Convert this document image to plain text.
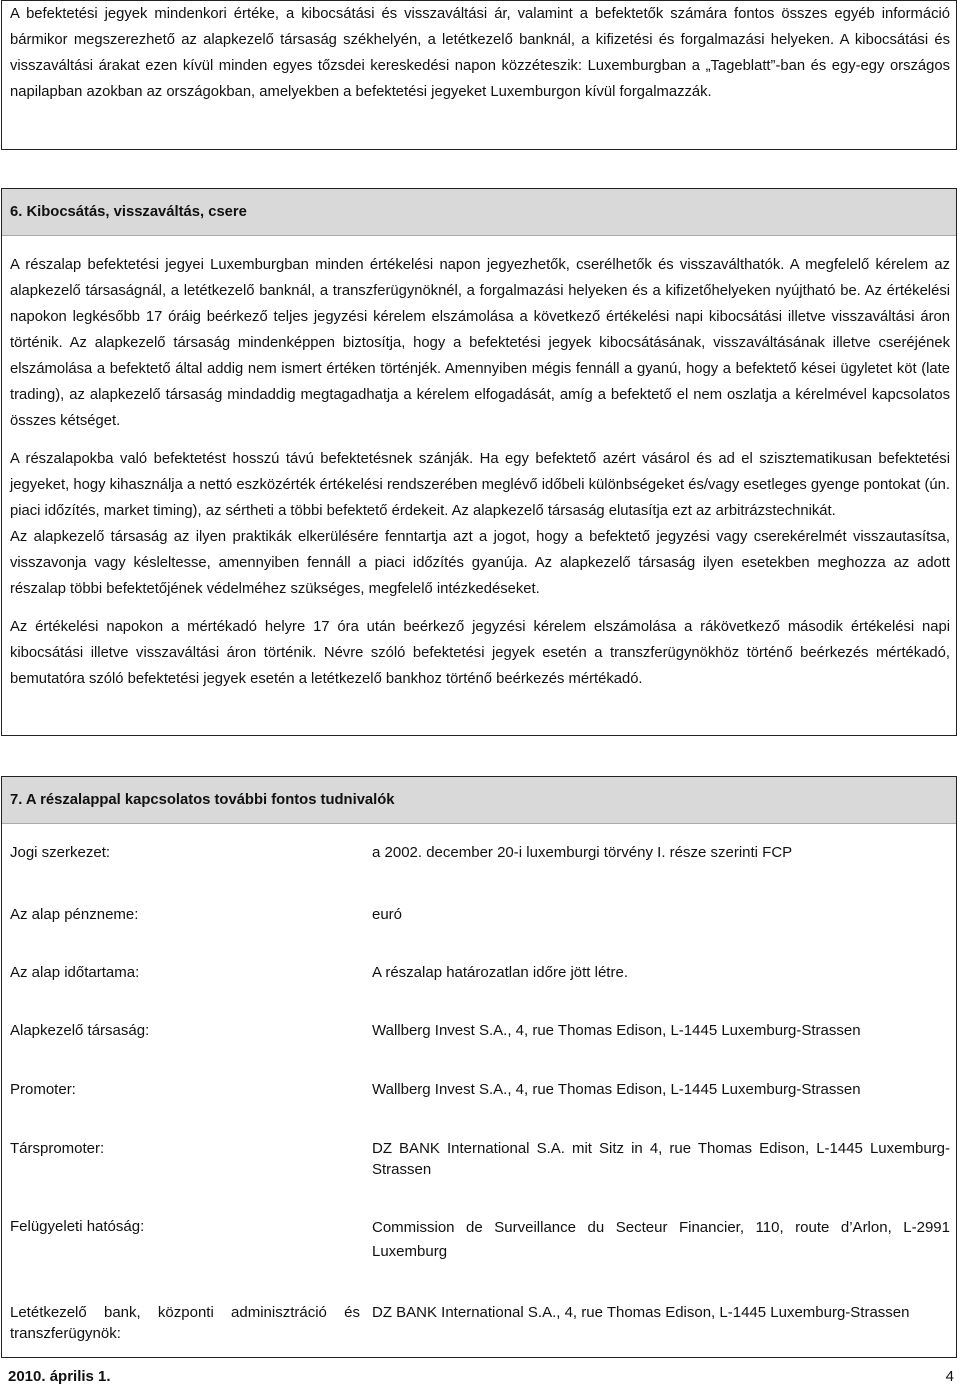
A befektetési jegyek mindenkori értéke, a kibocsátási és visszaváltási ár, valamint a befektetők számára fontos összes egyéb információ bármikor megszerezhető az alapkezelő társaság székhelyén, a letétkezelő banknál, a kifizetési és forgalmazási helyeken. A kibocsátási és visszaváltási árakat ezen kívül minden egyes tőzsdei kereskedési napon közzéteszik: Luxemburgban a „Tageblatt”-ban és egy-egy országos napilapban azokban az országokban, amelyekben a befektetési jegyeket Luxemburgon kívül forgalmazzák.

6. Kibocsátás, visszaváltás, csere

A részalap befektetési jegyei Luxemburgban minden értékelési napon jegyezhetők, cserélhetők és visszaválthatók. A megfelelő kérelem az alapkezelő társaságnál, a letétkezelő banknál, a transzferügynöknél, a forgalmazási helyeken és a kifizetőhelyeken nyújtható be. Az értékelési napokon legkésőbb 17 óráig beérkező teljes jegyzési kérelem elszámolása a következő értékelési napi kibocsátási illetve visszaváltási áron történik. Az alapkezelő társaság mindenképpen biztosítja, hogy a befektetési jegyek kibocsátásának, visszaváltásának illetve cseréjének elszámolása a befektető által addig nem ismert értéken történjék. Amennyiben mégis fennáll a gyanú, hogy a befektető kései ügyletet köt (late trading), az alapkezelő társaság mindaddig megtagadhatja a kérelem elfogadását, amíg a befektető el nem oszlatja a kérelmével kapcsolatos összes kétséget.

A részalapokba való befektetést hosszú távú befektetésnek szánják. Ha egy befektető azért vásárol és ad el szisztematikusan befektetési jegyeket, hogy kihasználja a nettó eszközérték értékelési rendszerében meglévő időbeli különbségeket és/vagy esetleges gyenge pontokat (ún. piaci időzítés, market timing), az sértheti a többi befektető érdekeit. Az alapkezelő társaság elutasítja ezt az arbitrázstechnikát.

Az alapkezelő társaság az ilyen praktikák elkerülésére fenntartja azt a jogot, hogy a befektető jegyzési vagy cserekérelmét visszautasítsa, visszavonja vagy késleltesse, amennyiben fennáll a piaci időzítés gyanúja. Az alapkezelő társaság ilyen esetekben meghozza az adott részalap többi befektetőjének védelméhez szükséges, megfelelő intézkedéseket.

Az értékelési napokon a mértékadó helyre 17 óra után beérkező jegyzési kérelem elszámolása a rákövetkező második értékelési napi kibocsátási illetve visszaváltási áron történik. Névre szóló befektetési jegyek esetén a transzferügynökhöz történő beérkezés mértékadó, bemutatóra szóló befektetési jegyek esetén a letétkezelő bankhoz történő beérkezés mértékadó.

7. A részalappal kapcsolatos további fontos tudnivalók
Jogi szerkezet:	a 2002. december 20-i luxemburgi törvény I. része szerinti FCP
Az alap pénzneme:	euró
Az alap időtartama:	A részalap határozatlan időre jött létre.
Alapkezelő társaság:	Wallberg Invest S.A., 4, rue Thomas Edison, L-1445 Luxemburg-Strassen
Promoter:	Wallberg Invest S.A., 4, rue Thomas Edison, L-1445 Luxemburg-Strassen
Társpromoter:	DZ BANK International S.A. mit Sitz in 4, rue Thomas Edison, L-1445 Luxemburg-Strassen
Felügyeleti hatóság:	Commission de Surveillance du Secteur Financier, 110, route d’Arlon, L-2991 Luxemburg
Letétkezelő bank, központi adminisztráció és transzferügynök:	DZ BANK International S.A., 4, rue Thomas Edison, L-1445 Luxemburg-Strassen
2010. április 1.	4
